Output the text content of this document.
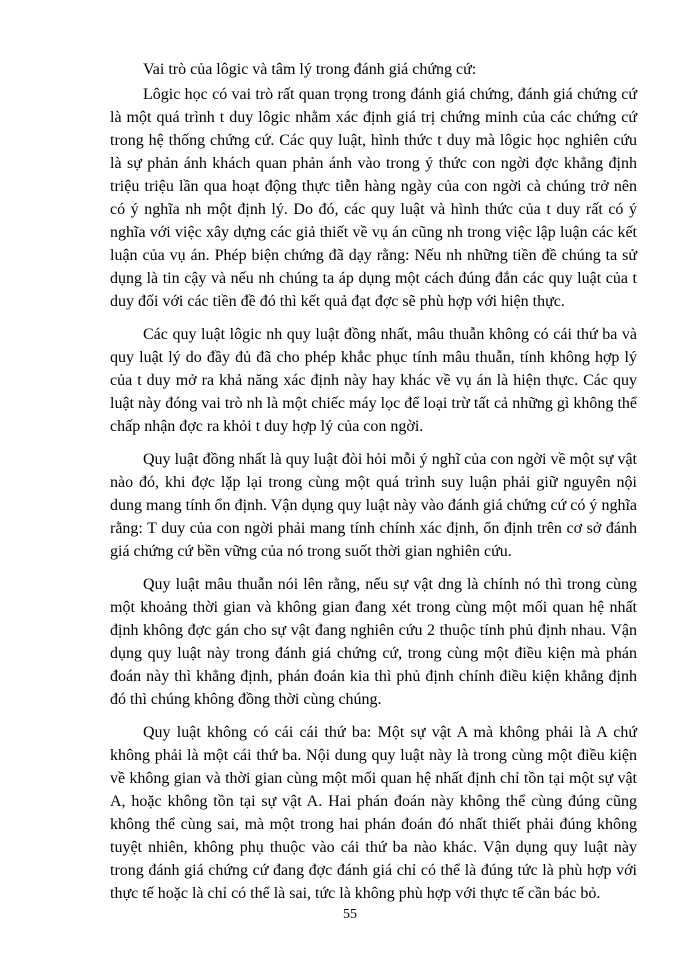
Vai trò của lôgic và tâm lý trong đánh giá chứng cứ:

Lôgic học có vai trò rất quan trọng trong đánh giá chứng, đánh giá chứng cứ là một quá trình t duy lôgic nhằm xác định giá trị chứng minh của các chứng cứ trong hệ thống chứng cứ. Các quy luật, hình thức t duy mà lôgic học nghiên cứu là sự phản ánh khách quan phản ánh vào trong ý thức con ngời đợc khẳng định triệu triệu lần qua hoạt động thực tiễn hàng ngày của con ngời cà chúng trở nên có ý nghĩa nh một định lý. Do đó, các quy luật và hình thức của t duy rất có ý nghĩa với việc xây dựng các giả thiết về vụ án cũng nh trong việc lập luận các kết luận của vụ án. Phép biện chứng đã dạy rằng: Nếu nh những tiền đề chúng ta sử dụng là tin cậy và nếu nh chúng ta áp dụng một cách đúng đắn các quy luật của t duy đối với các tiền đề đó thì kết quả đạt đợc sẽ phù hợp với hiện thực.

Các quy luật lôgic nh quy luật đồng nhất, mâu thuẫn không có cái thứ ba và quy luật lý do đầy đủ đã cho phép khắc phục tính mâu thuẫn, tính không hợp lý của t duy mở ra khả năng xác định này hay khác về vụ án là hiện thực. Các quy luật này đóng vai trò nh là một chiếc máy lọc để loại trừ tất cả những gì không thể chấp nhận đợc ra khỏi t duy hợp lý của con ngời.

Quy luật đồng nhất là quy luật đòi hỏi mỗi ý nghĩ của con ngời về một sự vật nào đó, khi đợc lặp lại trong cùng một quá trình suy luận phải giữ nguyên nội dung mang tính ổn định. Vận dụng quy luật này vào đánh giá chứng cứ có ý nghĩa rằng: T duy của con ngời phải mang tính chính xác định, ổn định trên cơ sở đánh giá chứng cứ bền vững của nó trong suốt thời gian nghiên cứu.

Quy luật mâu thuẫn nói lên rằng, nếu sự vật dng là chính nó thì trong cùng một khoảng thời gian và không gian đang xét trong cùng một mối quan hệ nhất định không đợc gán cho sự vật đang nghiên cứu 2 thuộc tính phủ định nhau. Vận dụng quy luật này trong đánh giá chứng cứ, trong cùng một điều kiện mà phán đoán này thì khẳng định, phán đoán kia thì phủ định chính điều kiện khẳng định đó thì chúng không đồng thời cùng chúng.

Quy luật không có cái cái thứ ba: Một sự vật A mà không phải là A chứ không phải là một cái thứ ba. Nội dung quy luật này là trong cùng một điều kiện về không gian và thời gian cùng một mối quan hệ nhất định chỉ tồn tại một sự vật A, hoặc không tồn tại sự vật A. Hai phán đoán này không thể cùng đúng cũng không thể cùng sai, mà một trong hai phán đoán đó nhất thiết phải đúng không tuyệt nhiên, không phụ thuộc vào cái thứ ba nào khác. Vận dụng quy luật này trong đánh giá chứng cứ đang đợc đánh giá chỉ có thể là đúng tức là phù hợp với thực tế hoặc là chỉ có thể là sai, tức là không phù hợp với thực tế cần bác bỏ.

55
